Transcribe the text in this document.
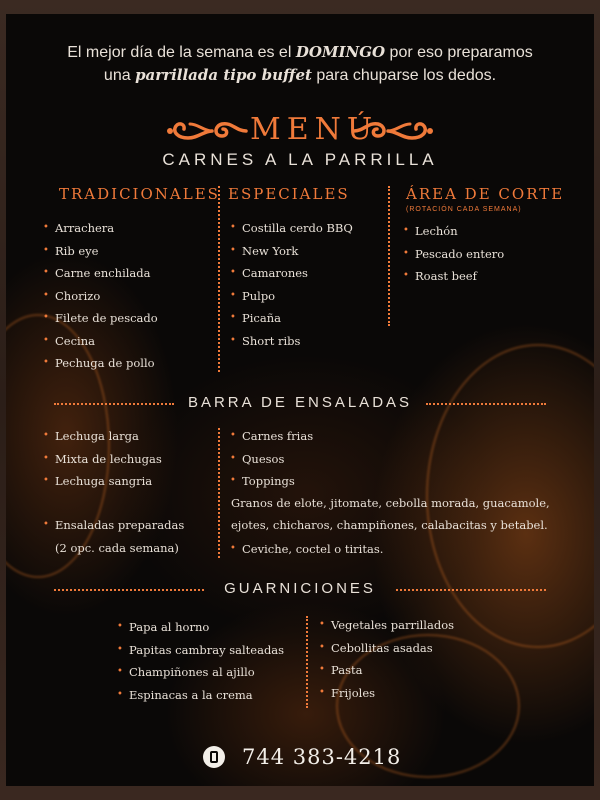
El mejor día de la semana es el DOMINGO por eso preparamos
una parrillada tipo buffet para chuparse los dedos.
MENÚ
CARNES A LA PARRILLA
TRADICIONALES ESPECIALES	ÁREA DE CORTE
(ROTACIÓN CADA SEMANA)
• Arrachera
• Rib eye
• Carne enchilada
• Chorizo
• Filete de pescado
• Cecina
• Pechuga de pollo
• Costilla cerdo BBQ
• New York
• Camarones
• Pulpo
• Picaña
• Short ribs
• Lechón
• Pescado entero
• Roast beef
BARRA DE ENSALADAS
• Lechuga larga
• Mixta de lechugas
• Lechuga sangria
• Ensaladas preparadas
(2 opc. cada semana)
• Carnes frias
• Quesos
• Toppings
Granos de elote, jitomate, cebolla morada, guacamole,
ejotes, chicharos, champiñones, calabacitas y betabel.
• Ceviche, coctel o tiritas.
GUARNICIONES
• Papa al horno
• Papitas cambray salteadas
• Champiñones al ajillo
• Espinacas a la crema
• Vegetales parrillados
• Cebollitas asadas
• Pasta
• Frijoles
744 383-4218
